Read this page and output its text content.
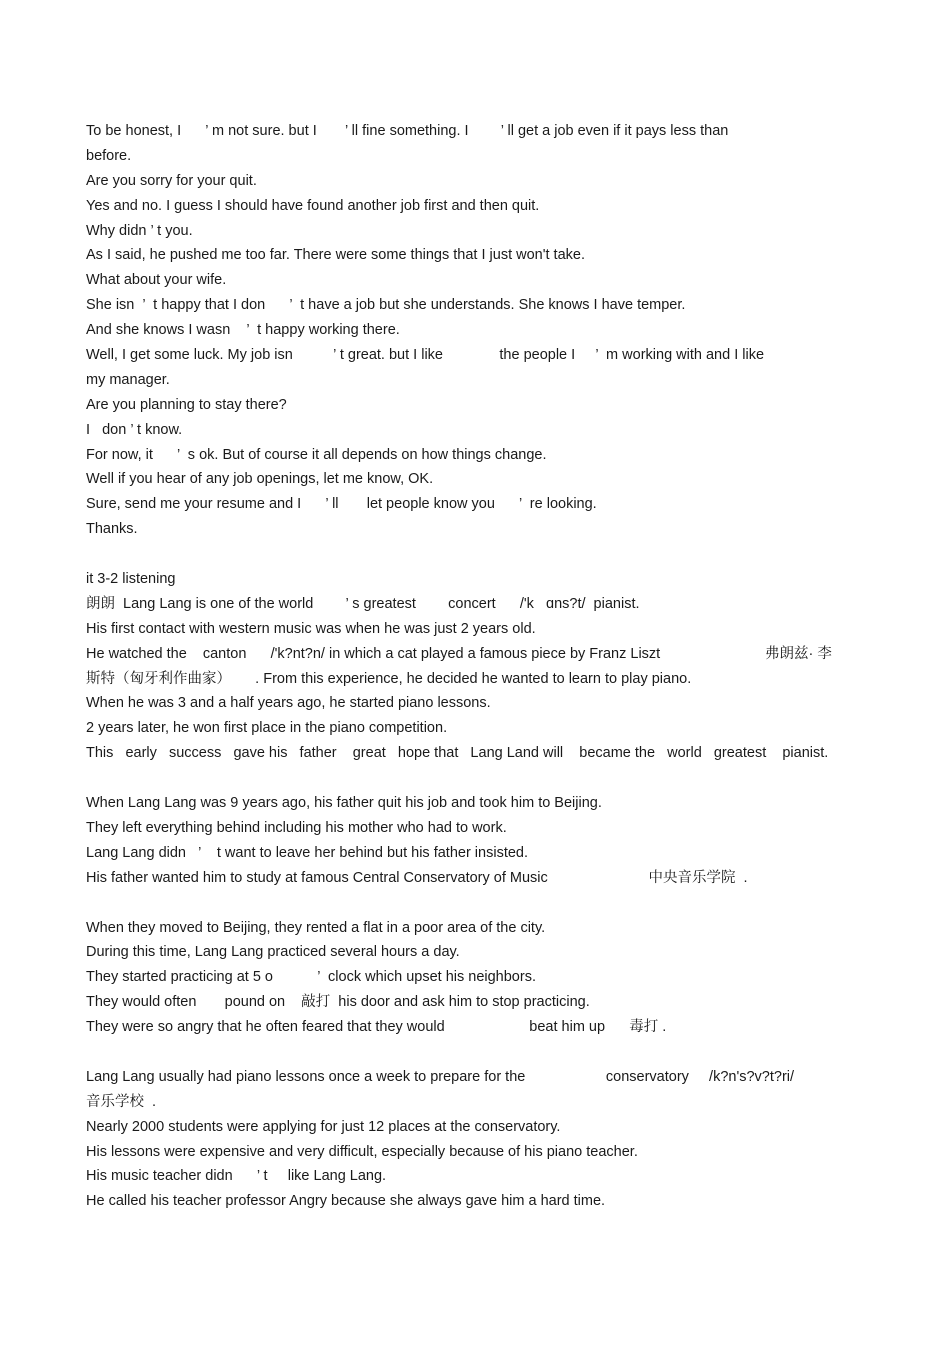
To be honest, I      ’ m not sure. but I       ’ ll fine something. I        ’ ll get a job even if it pays less than
before.
Are you sorry for your quit.
Yes and no. I guess I should have found another job first and then quit.
Why didn ’ t you.
As I said, he pushed me too far. There were some things that I just won't take.
What about your wife.
She isn  ’  t happy that I don      ’  t have a job but she understands. She knows I have temper.
And she knows I wasn    ’  t happy working there.
Well, I get some luck. My job isn          ’ t great. but I like              the people I     ’  m working with and I like
my manager.
Are you planning to stay there?
I   don ’ t know.
For now, it      ’  s ok. But of course it all depends on how things change.
Well if you hear of any job openings, let me know, OK.
Sure, send me your resume and I      ’ ll       let people know you      ’  re looking.
Thanks.
it 3-2 listening
朗朗  Lang Lang is one of the world        ’ s greatest        concert      /'k   ɑns?t/  pianist.
His first contact with western music was when he was just 2 years old.
He watched the    canton      /'k?nt?n/ in which a cat played a famous piece by Franz Liszt                          弗朗兹· 李
斯特（匈牙利作曲家）      . From this experience, he decided he wanted to learn to play piano.
When he was 3 and a half years ago, he started piano lessons.
2 years later, he won first place in the piano competition.
This   early   success   gave his   father    great   hope that   Lang Land will    became the   world   greatest    pianist.
When Lang Lang was 9 years ago, his father quit his job and took him to Beijing.
They left everything behind including his mother who had to work.
Lang Lang didn   ’    t want to leave her behind but his father insisted.
His father wanted him to study at famous Central Conservatory of Music                         中央音乐学院  .
When they moved to Beijing, they rented a flat in a poor area of the city.
During this time, Lang Lang practiced several hours a day.
They started practicing at 5 o           ’  clock which upset his neighbors.
They would often       pound on    敲打  his door and ask him to stop practicing.
They were so angry that he often feared that they would                     beat him up      毒打 .
Lang Lang usually had piano lessons once a week to prepare for the                    conservatory     /k?n's?v?t?ri/
音乐学校  .
Nearly 2000 students were applying for just 12 places at the conservatory.
His lessons were expensive and very difficult, especially because of his piano teacher.
His music teacher didn      ’ t     like Lang Lang.
He called his teacher professor Angry because she always gave him a hard time.
